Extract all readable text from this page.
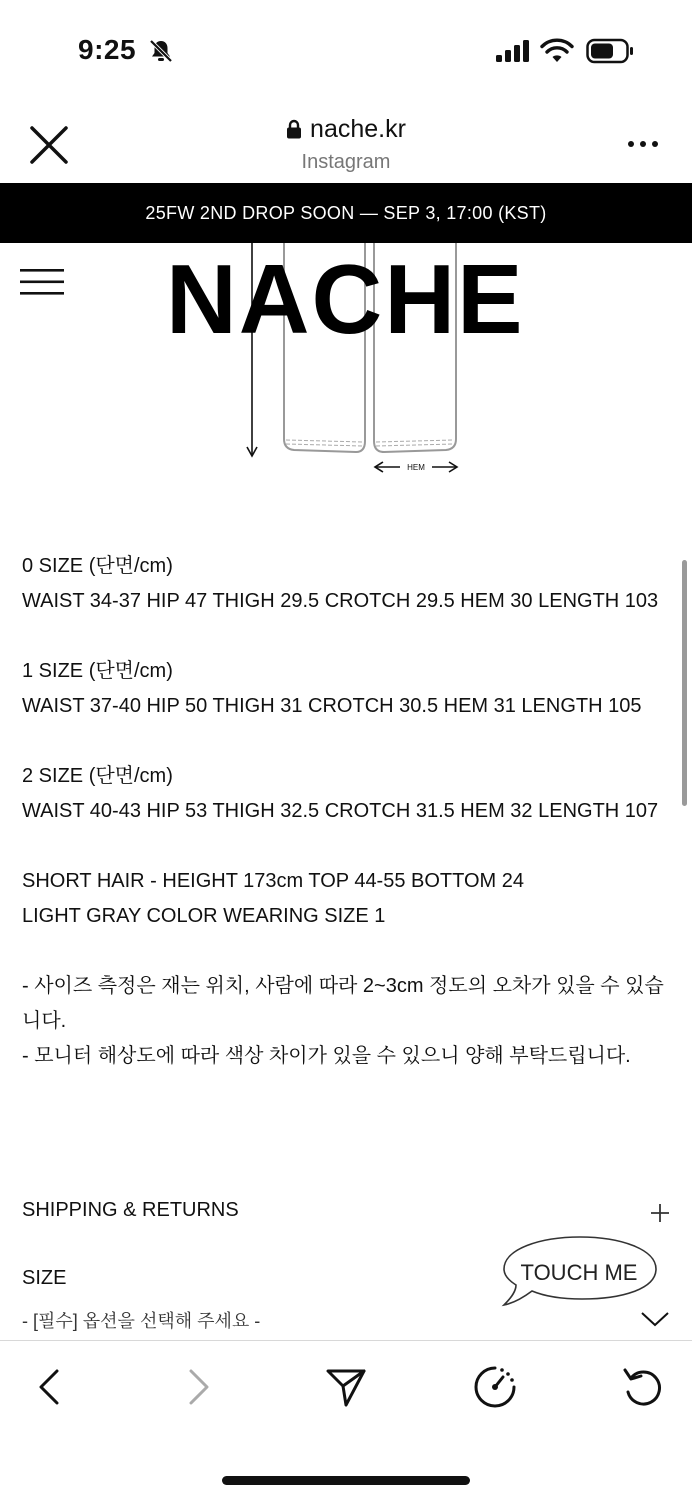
9:25
nache.kr
Instagram
25FW 2ND DROP SOON — SEP 3, 17:00 (KST)
HEM
NACHE

0 SIZE (단면/cm)
WAIST 34-37 HIP 47 THIGH 29.5 CROTCH 29.5 HEM 30 LENGTH 103

1 SIZE (단면/cm)
WAIST 37-40 HIP 50 THIGH 31 CROTCH 30.5 HEM 31 LENGTH 105

2 SIZE (단면/cm)
WAIST 40-43 HIP 53 THIGH 32.5 CROTCH 31.5 HEM 32 LENGTH 107

SHORT HAIR - HEIGHT 173cm TOP 44-55 BOTTOM 24
LIGHT GRAY COLOR WEARING SIZE 1

- 사이즈 측정은 재는 위치, 사람에 따라 2~3cm 정도의 오차가 있을 수 있습니다.
- 모니터 해상도에 따라 색상 차이가 있을 수 있으니 양해 부탁드립니다.

SHIPPING & RETURNS
SIZE
- [필수] 옵션을 선택해 주세요 -
TOUCH ME
